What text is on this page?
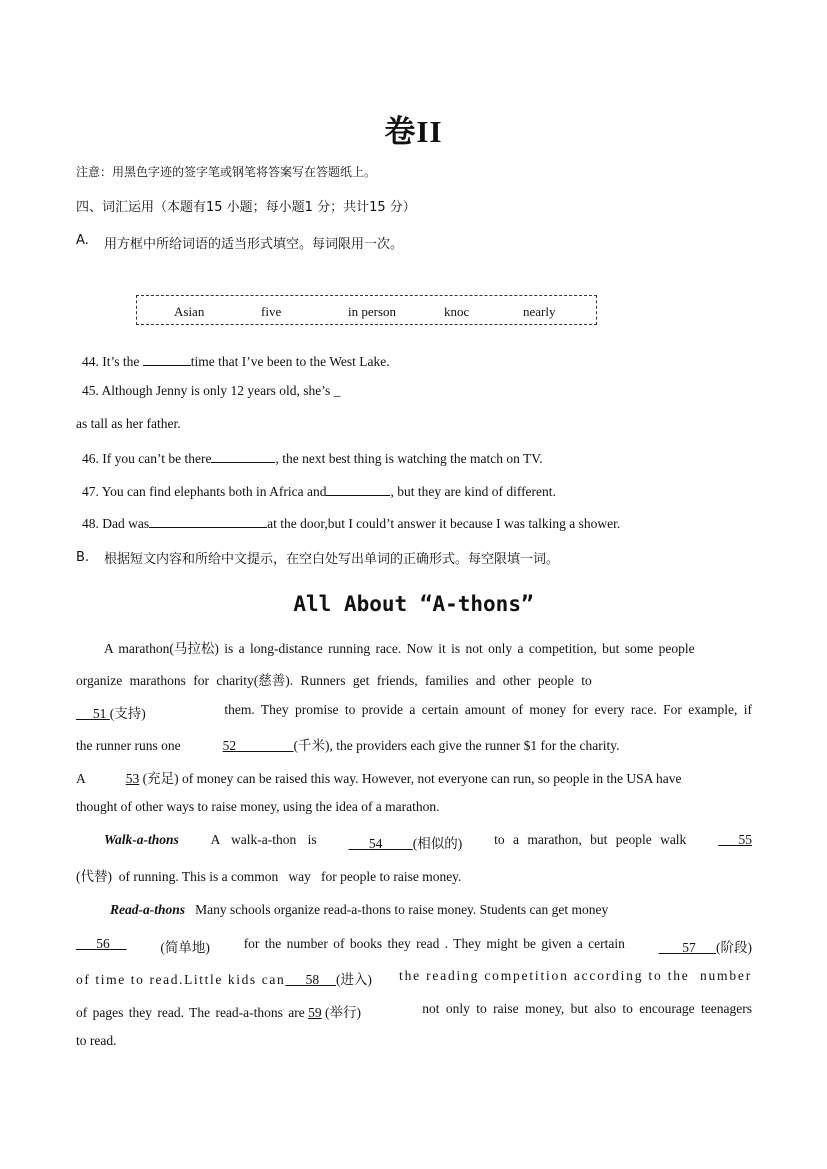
卷II
注意：用黑色字迹的签字笔或钢笔将答案写在答题纸上。
四、词汇运用（本题有15 小题；每小题1 分；共计15 分）
A. 用方框中所给词语的适当形式填空。每词限用一次。
Asian	five	in person	knoc	nearly
44. It’s the	time that I’ve been to the West Lake.
45. Although Jenny is only 12 years old, she’s _
as tall as her father.
46. If you can’t be there	, the next best thing is watching the match on TV.
47. You can find elephants both in Africa and	, but they are kind of different.
48. Dad was	at the door,but I could’t answer it because I was talking a shower.
B. 根据短文内容和所给中文提示，在空白处写出单词的正确形式。每空限填一词。
All About “A-thons”
A marathon(马拉松) is a long-distance running race. Now it is not only a competition, but some people
organize marathons for charity(慈善). Runners get friends, families and other people to
51 (支持)	them. They promise to provide a certain amount of money for every race. For example, if
the runner runs one	52	(千米), the providers each give the runner $1 for the charity.
A	53 (充足) of money can be raised this way. However, not everyone can run, so people in the USA have
thought of other ways to raise money, using the idea of a marathon.
Walk-a-thons A walk-a-thon is	54 (相似的) to a marathon, but people walk	55
(代替) of running. This is a common   way   for people to raise money.
Read-a-thons Many schools organize read-a-thons to raise money. Students can get money
56	(简单地)	for the number of books they read . They might be given a certain	57 (阶段)
of time to read.Little kids can 58 (进入) the reading competition according to the  number
of pages they read. The read-a-thons are 59 (举行)	not only to raise money, but also to encourage teenagers
to read.
